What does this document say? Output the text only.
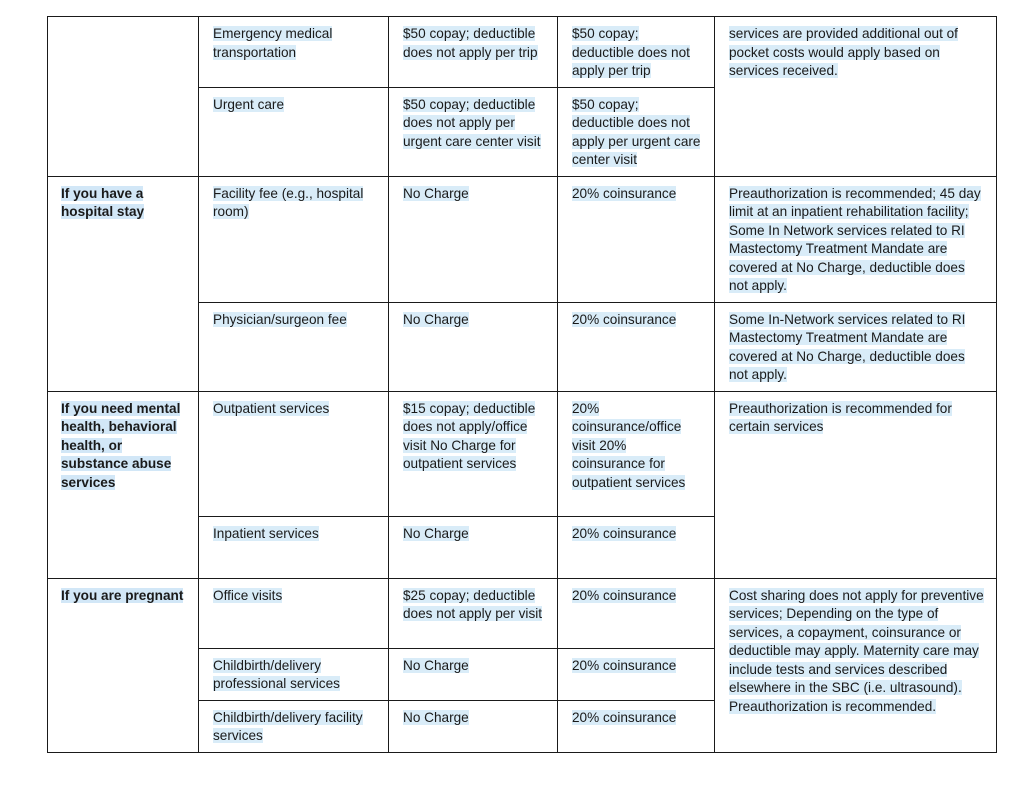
	Emergency medical transportation	$50 copay; deductible does not apply per trip	$50 copay; deductible does not apply per trip	services are provided additional out of pocket costs would apply based on services received.
	Urgent care	$50 copay; deductible does not apply per urgent care center visit	$50 copay; deductible does not apply per urgent care center visit	
If you have a hospital stay	Facility fee (e.g., hospital room)	No Charge	20% coinsurance	Preauthorization is recommended; 45 day limit at an inpatient rehabilitation facility; Some In Network services related to RI Mastectomy Treatment Mandate are covered at No Charge, deductible does not apply.
	Physician/surgeon fee	No Charge	20% coinsurance	Some In-Network services related to RI Mastectomy Treatment Mandate are covered at No Charge, deductible does not apply.
If you need mental health, behavioral health, or substance abuse services	Outpatient services	$15 copay; deductible does not apply/office visit No Charge for outpatient services	20% coinsurance/office visit 20% coinsurance for outpatient services	Preauthorization is recommended for certain services
	Inpatient services	No Charge	20% coinsurance	
If you are pregnant	Office visits	$25 copay; deductible does not apply per visit	20% coinsurance	Cost sharing does not apply for preventive services; Depending on the type of services, a copayment, coinsurance or deductible may apply. Maternity care may include tests and services described elsewhere in the SBC (i.e. ultrasound). Preauthorization is recommended.
	Childbirth/delivery professional services	No Charge	20% coinsurance	
	Childbirth/delivery facility services	No Charge	20% coinsurance	
